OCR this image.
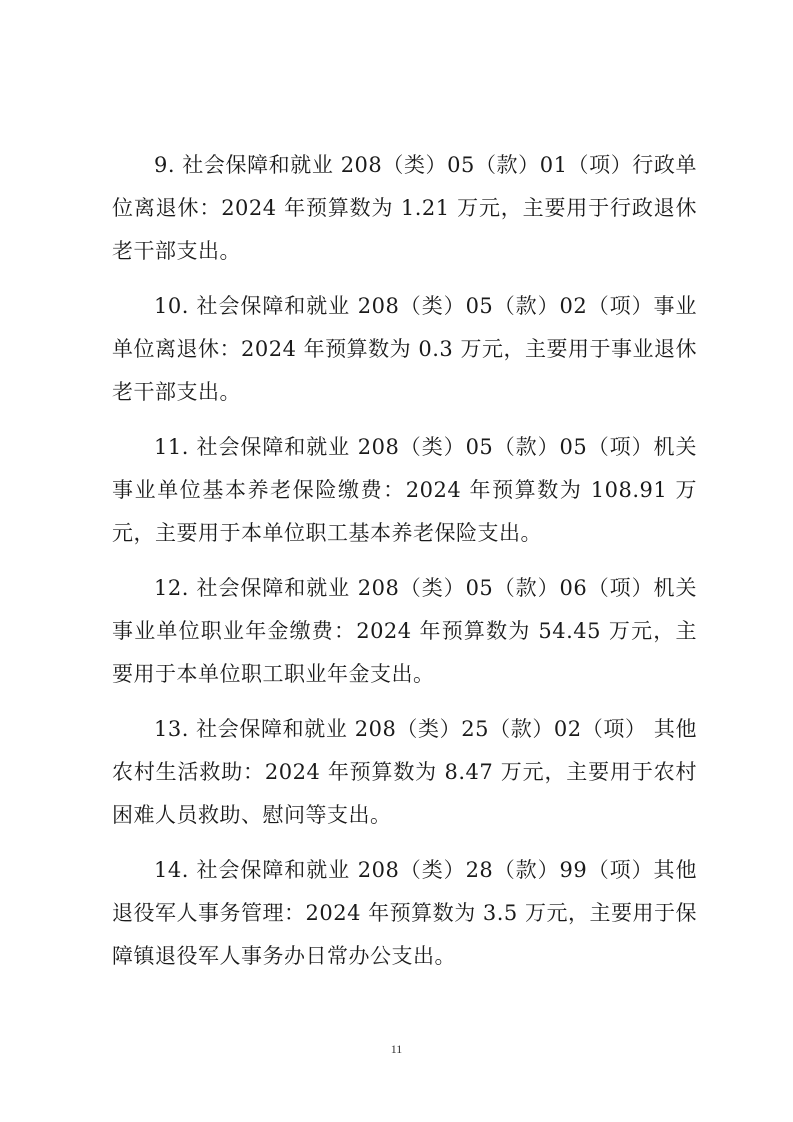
9. 社会保障和就业 208（类）05（款）01（项）行政单位离退休：2024 年预算数为 1.21 万元，主要用于行政退休老干部支出。

10. 社会保障和就业 208（类）05（款）02（项）事业单位离退休：2024 年预算数为 0.3 万元，主要用于事业退休老干部支出。

11. 社会保障和就业 208（类）05（款）05（项）机关事业单位基本养老保险缴费：2024 年预算数为 108.91 万元，主要用于本单位职工基本养老保险支出。

12. 社会保障和就业 208（类）05（款）06（项）机关事业单位职业年金缴费：2024 年预算数为 54.45 万元，主要用于本单位职工职业年金支出。

13. 社会保障和就业 208（类）25（款）02（项） 其他农村生活救助：2024 年预算数为 8.47 万元，主要用于农村困难人员救助、慰问等支出。

14. 社会保障和就业 208（类）28（款）99（项）其他退役军人事务管理：2024 年预算数为 3.5 万元，主要用于保障镇退役军人事务办日常办公支出。

11
